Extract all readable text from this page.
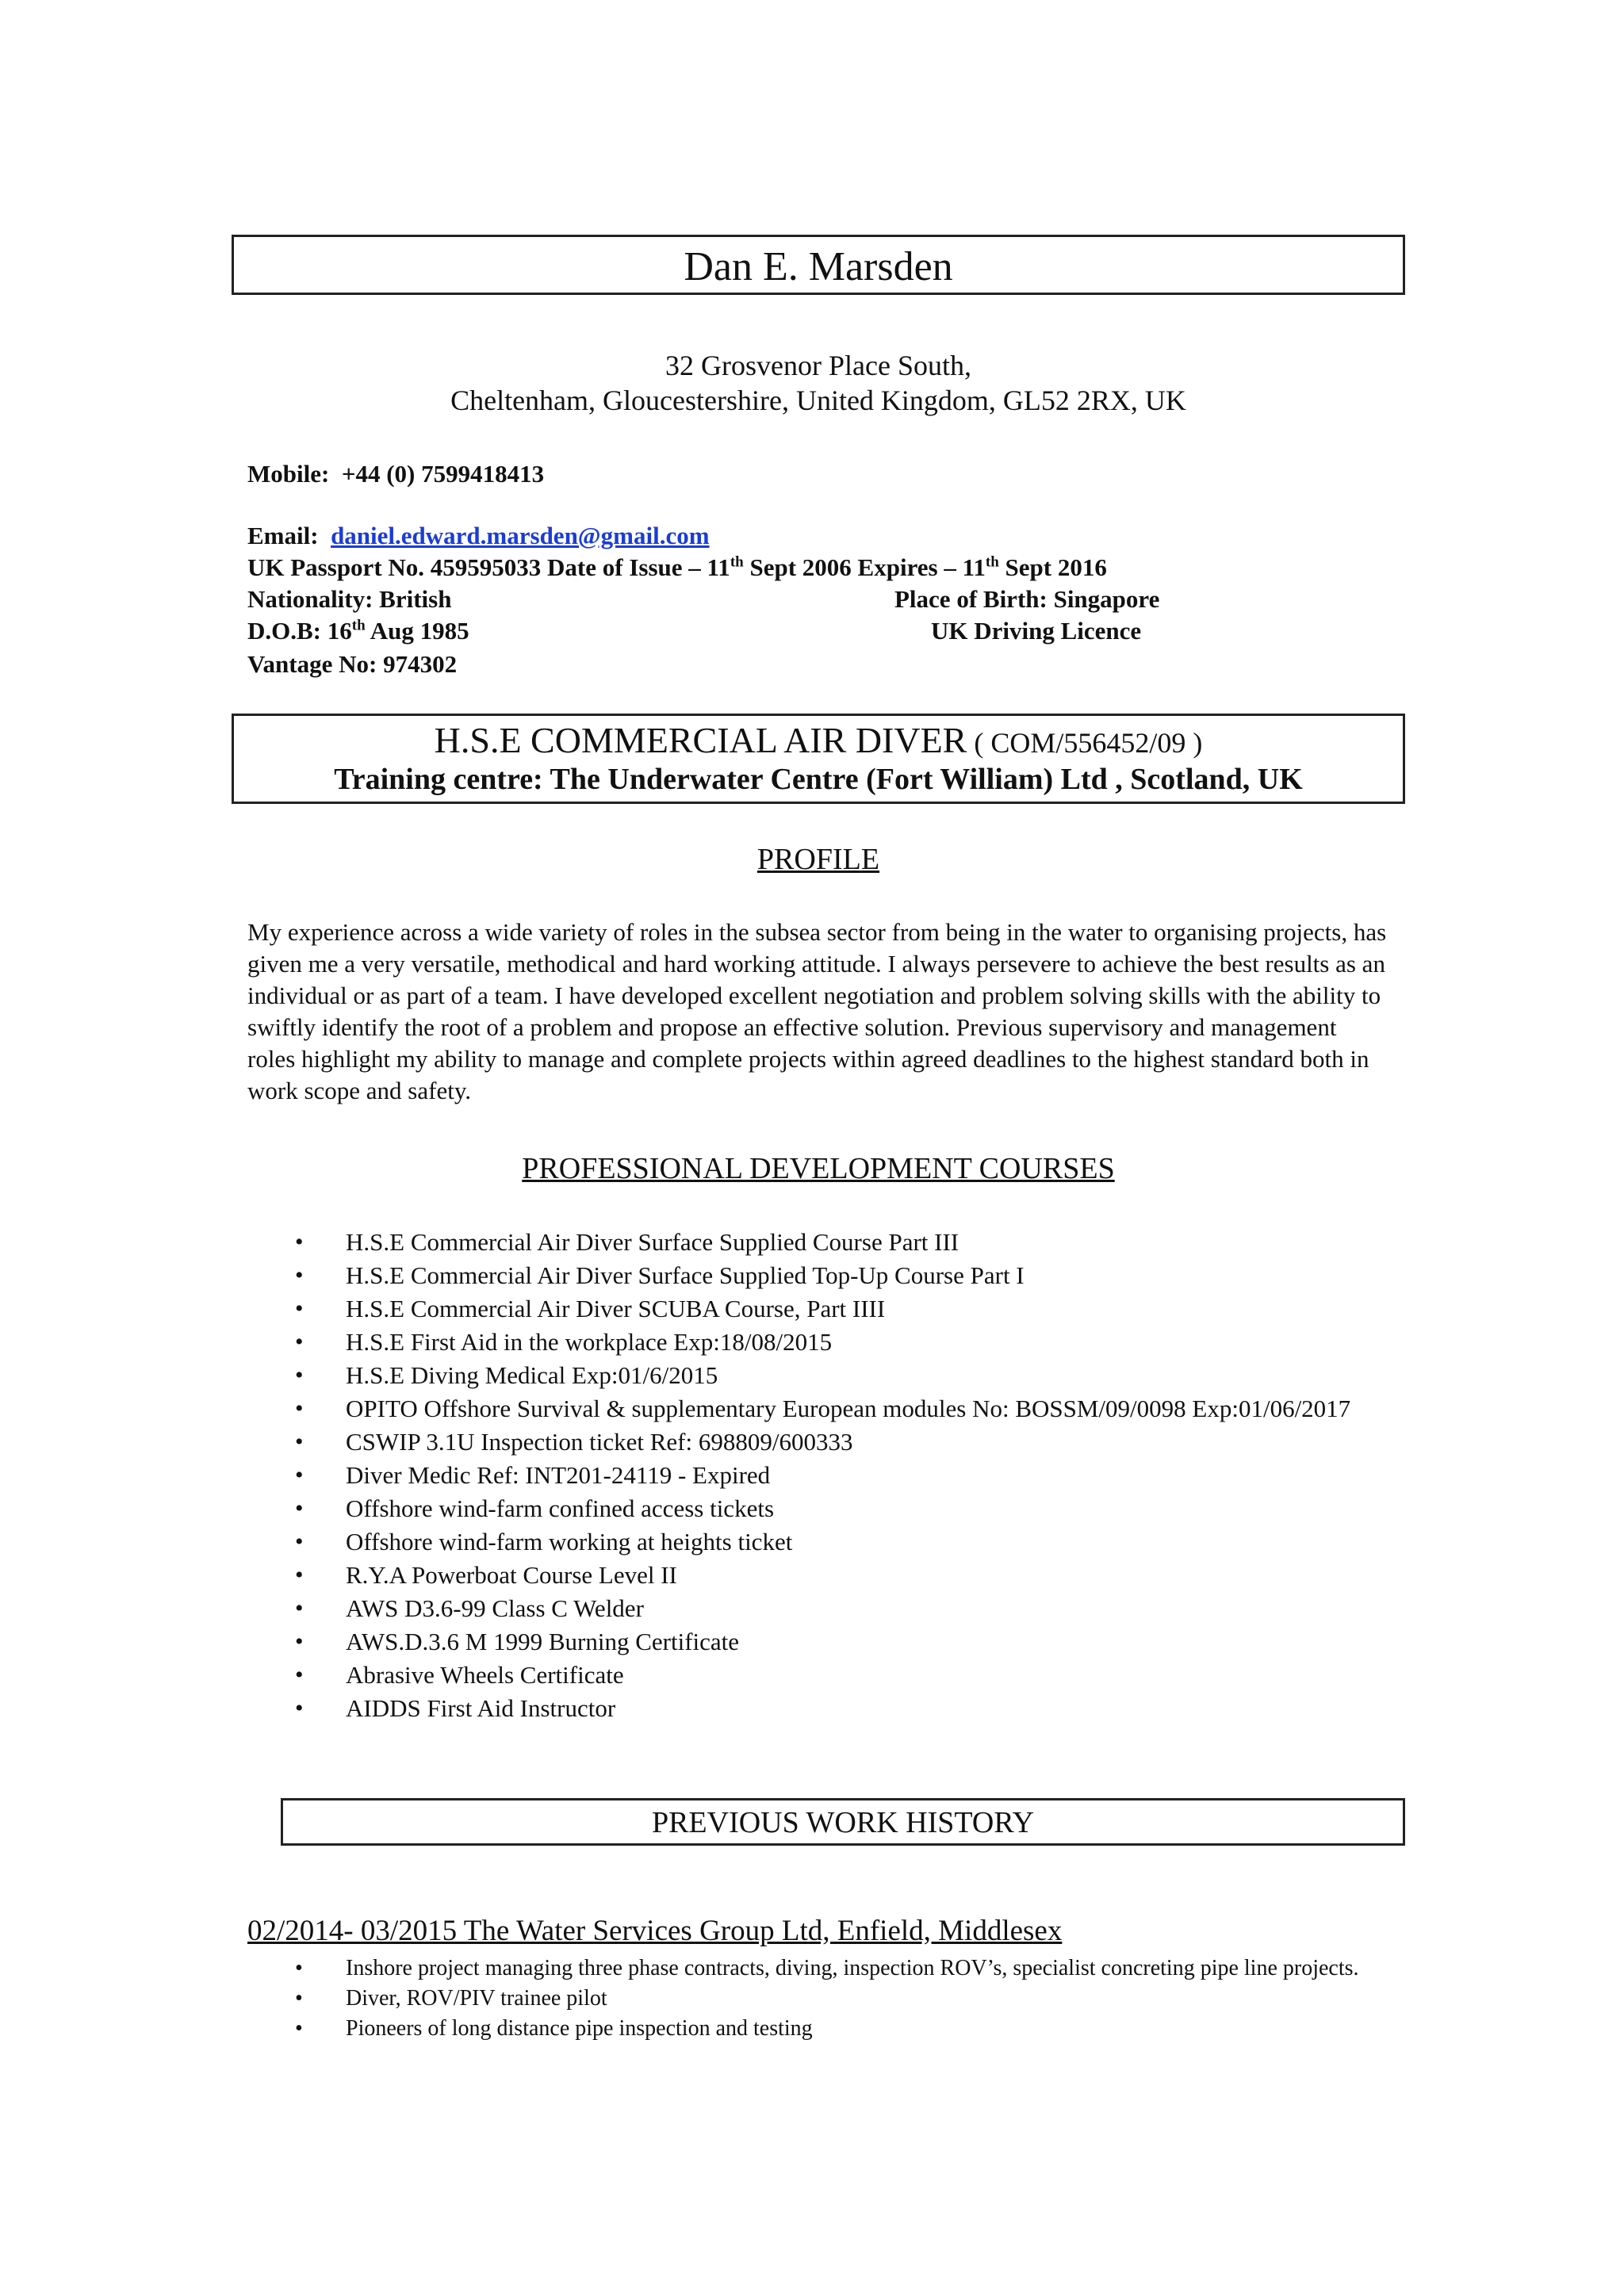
Dan E. Marsden
32 Grosvenor Place South,
Cheltenham, Gloucestershire, United Kingdom, GL52 2RX, UK
Mobile: +44 (0) 7599418413
Email: daniel.edward.marsden@gmail.com
UK Passport No. 459595033 Date of Issue – 11th Sept 2006 Expires – 11th Sept 2016
Nationality: British	Place of Birth: Singapore
D.O.B: 16th Aug 1985	UK Driving Licence
Vantage No: 974302
H.S.E COMMERCIAL AIR DIVER ( COM/556452/09 )
Training centre: The Underwater Centre (Fort William) Ltd , Scotland, UK
PROFILE
My experience across a wide variety of roles in the subsea sector from being in the water to organising projects, has given me a very versatile, methodical and hard working attitude. I always persevere to achieve the best results as an individual or as part of a team. I have developed excellent negotiation and problem solving skills with the ability to swiftly identify the root of a problem and propose an effective solution. Previous supervisory and management roles highlight my ability to manage and complete projects within agreed deadlines to the highest standard both in work scope and safety.
PROFESSIONAL DEVELOPMENT COURSES
• H.S.E Commercial Air Diver Surface Supplied Course Part III
• H.S.E Commercial Air Diver Surface Supplied Top-Up Course Part I
• H.S.E Commercial Air Diver SCUBA Course, Part IIII
• H.S.E First Aid in the workplace Exp:18/08/2015
• H.S.E Diving Medical Exp:01/6/2015
• OPITO Offshore Survival & supplementary European modules No: BOSSM/09/0098 Exp:01/06/2017
• CSWIP 3.1U Inspection ticket Ref: 698809/600333
• Diver Medic Ref: INT201-24119 - Expired
• Offshore wind-farm confined access tickets
• Offshore wind-farm working at heights ticket
• R.Y.A Powerboat Course Level II
• AWS D3.6-99 Class C Welder
• AWS.D.3.6 M 1999 Burning Certificate
• Abrasive Wheels Certificate
• AIDDS First Aid Instructor
PREVIOUS WORK HISTORY
02/2014- 03/2015 The Water Services Group Ltd, Enfield, Middlesex
• Inshore project managing three phase contracts, diving, inspection ROV’s, specialist concreting pipe line projects.
• Diver, ROV/PIV trainee pilot
• Pioneers of long distance pipe inspection and testing
